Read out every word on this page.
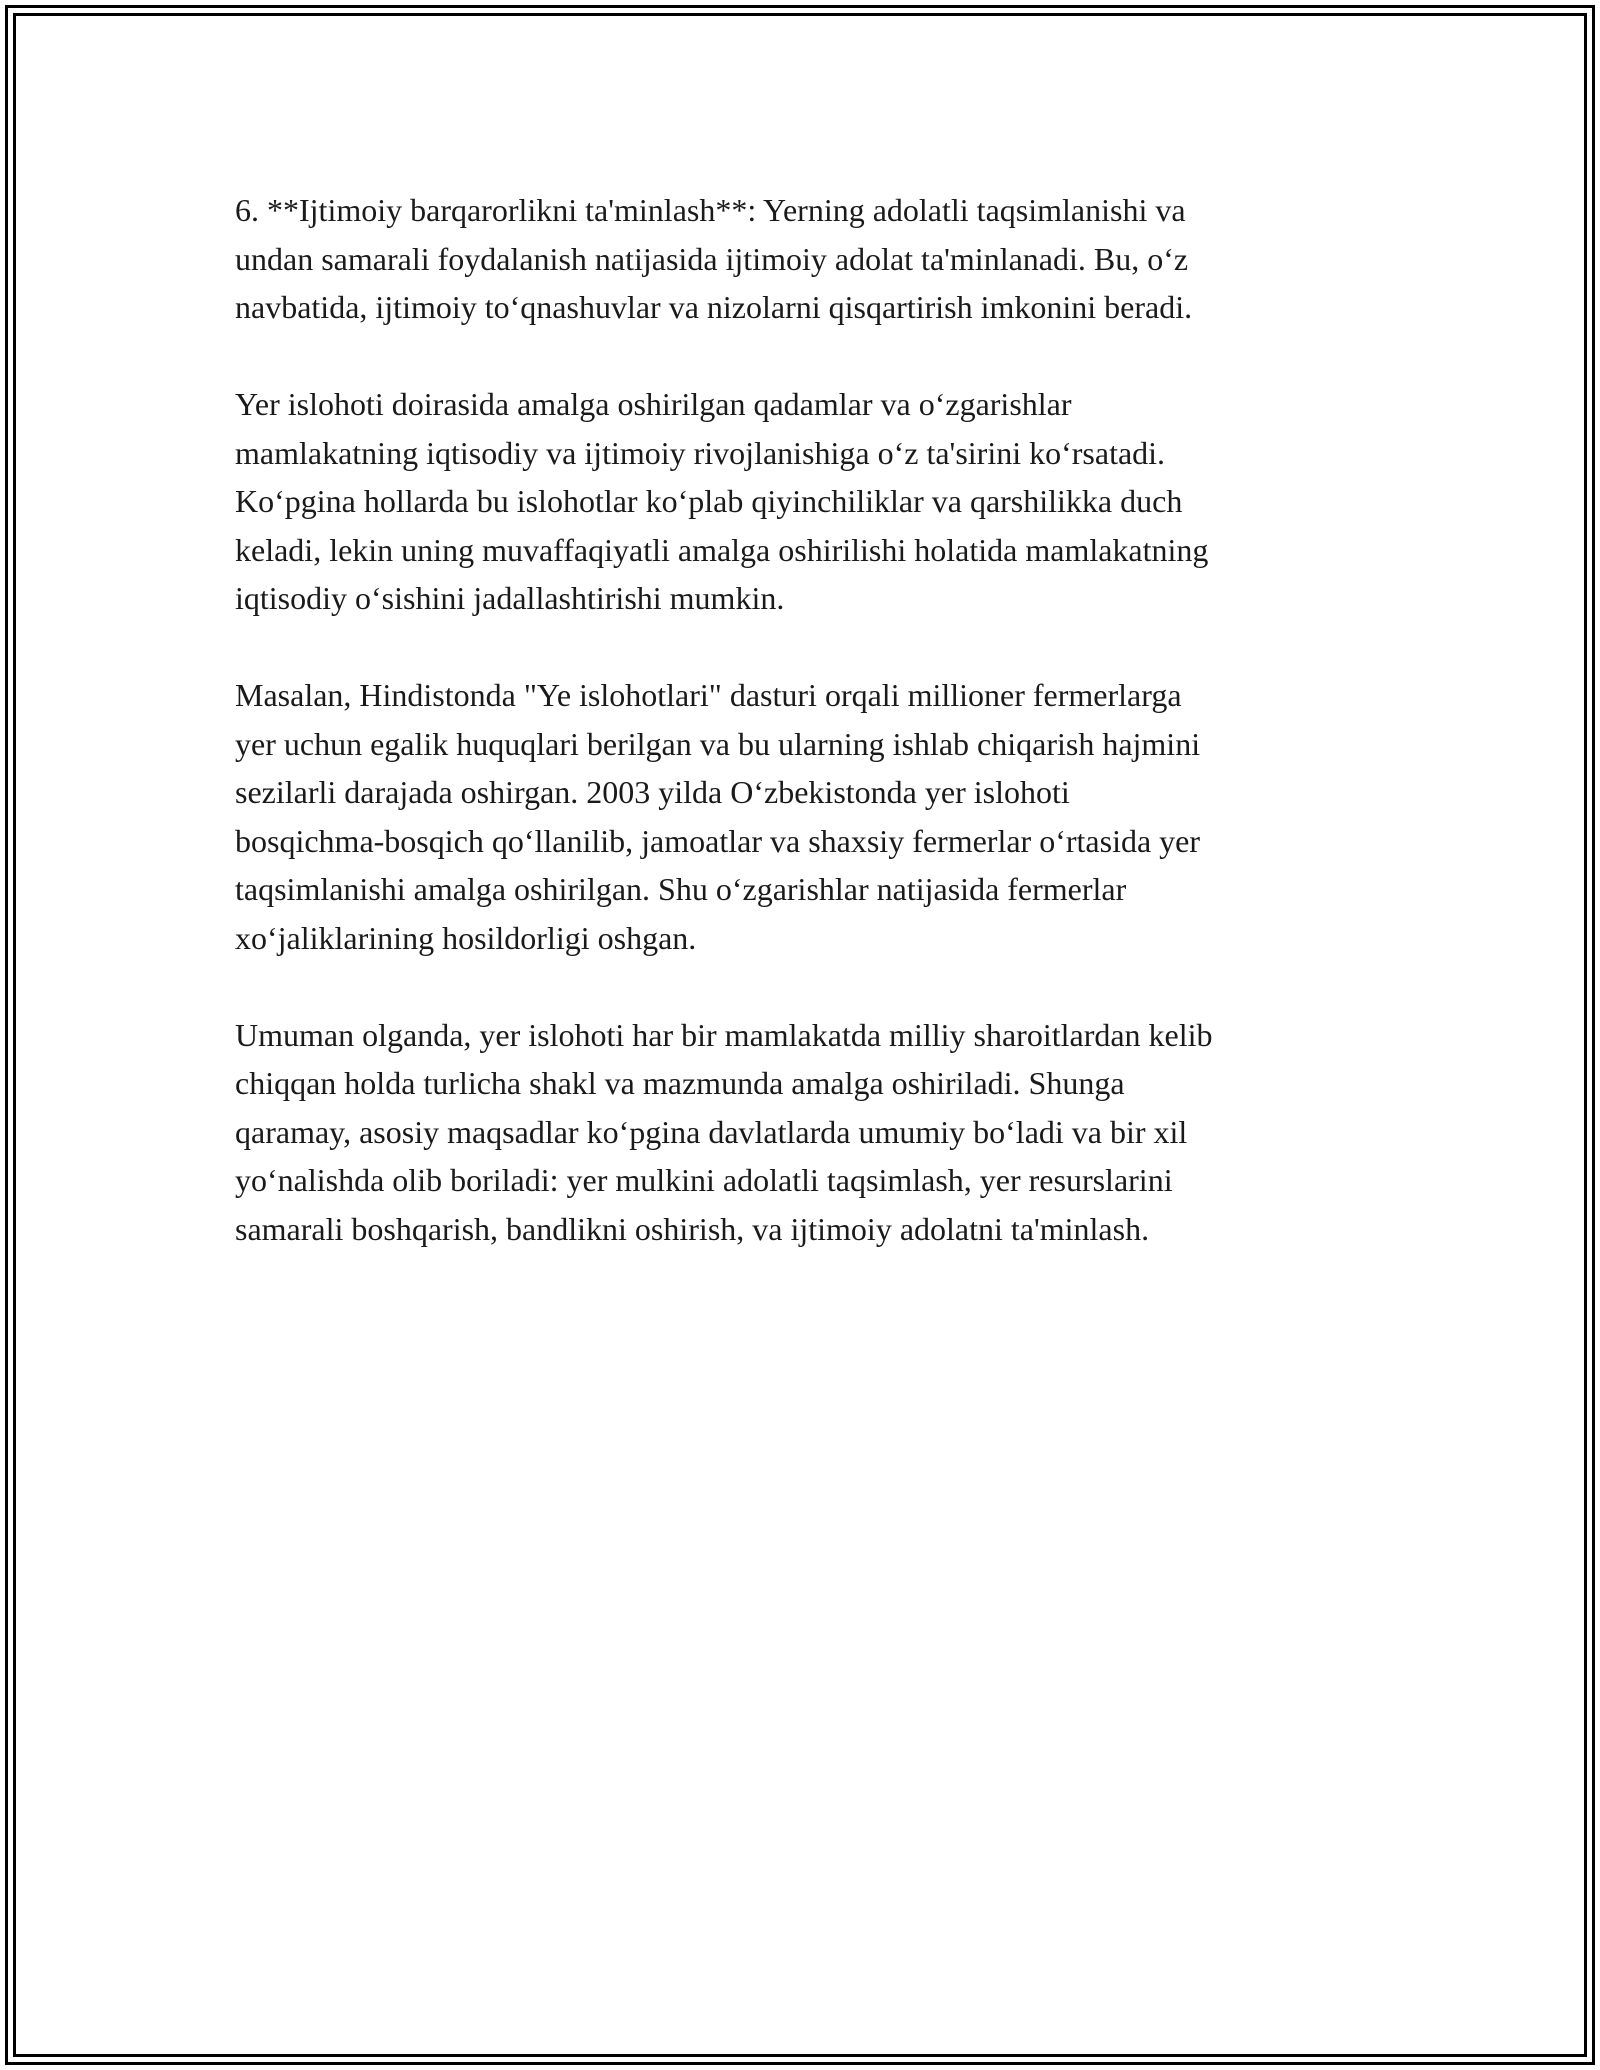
6. **Ijtimoiy barqarorlikni ta'minlash**: Yerning adolatli taqsimlanishi va
undan samarali foydalanish natijasida ijtimoiy adolat ta'minlanadi. Bu, o‘z
navbatida, ijtimoiy to‘qnashuvlar va nizolarni qisqartirish imkonini beradi.

Yer islohoti doirasida amalga oshirilgan qadamlar va o‘zgarishlar
mamlakatning iqtisodiy va ijtimoiy rivojlanishiga o‘z ta'sirini ko‘rsatadi.
Ko‘pgina hollarda bu islohotlar ko‘plab qiyinchiliklar va qarshilikka duch
keladi, lekin uning muvaffaqiyatli amalga oshirilishi holatida mamlakatning
iqtisodiy o‘sishini jadallashtirishi mumkin.

Masalan, Hindistonda "Ye islohotlari" dasturi orqali millioner fermerlarga
yer uchun egalik huquqlari berilgan va bu ularning ishlab chiqarish hajmini
sezilarli darajada oshirgan. 2003 yilda O‘zbekistonda yer islohoti
bosqichma-bosqich qo‘llanilib, jamoatlar va shaxsiy fermerlar o‘rtasida yer
taqsimlanishi amalga oshirilgan. Shu o‘zgarishlar natijasida fermerlar
xo‘jaliklarining hosildorligi oshgan.

Umuman olganda, yer islohoti har bir mamlakatda milliy sharoitlardan kelib
chiqqan holda turlicha shakl va mazmunda amalga oshiriladi. Shunga
qaramay, asosiy maqsadlar ko‘pgina davlatlarda umumiy bo‘ladi va bir xil
yo‘nalishda olib boriladi: yer mulkini adolatli taqsimlash, yer resurslarini
samarali boshqarish, bandlikni oshirish, va ijtimoiy adolatni ta'minlash.
